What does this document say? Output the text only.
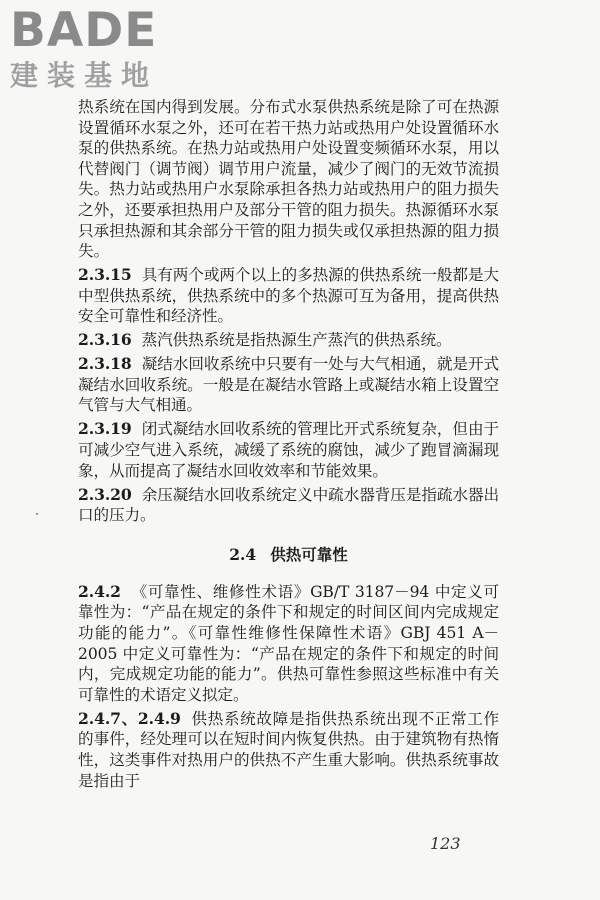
BADE
建装基地

热系统在国内得到发展。分布式水泵供热系统是除了可在热源设置循环水泵之外，还可在若干热力站或热用户处设置循环水泵的供热系统。在热力站或热用户处设置变频循环水泵，用以代替阀门（调节阀）调节用户流量，减少了阀门的无效节流损失。热力站或热用户水泵除承担各热力站或热用户的阻力损失之外，还要承担热用户及部分干管的阻力损失。热源循环水泵只承担热源和其余部分干管的阻力损失或仅承担热源的阻力损失。

2.3.15 具有两个或两个以上的多热源的供热系统一般都是大中型供热系统，供热系统中的多个热源可互为备用，提高供热安全可靠性和经济性。

2.3.16 蒸汽供热系统是指热源生产蒸汽的供热系统。

2.3.18 凝结水回收系统中只要有一处与大气相通，就是开式凝结水回收系统。一般是在凝结水管路上或凝结水箱上设置空气管与大气相通。

2.3.19 闭式凝结水回收系统的管理比开式系统复杂，但由于可减少空气进入系统，减缓了系统的腐蚀，减少了跑冒滴漏现象，从而提高了凝结水回收效率和节能效果。

2.3.20 余压凝结水回收系统定义中疏水器背压是指疏水器出口的压力。

2.4 供热可靠性

2.4.2 《可靠性、维修性术语》GB/T 3187－94 中定义可靠性为：“产品在规定的条件下和规定的时间区间内完成规定功能的能力”。《可靠性维修性保障性术语》GBJ 451 A－2005 中定义可靠性为：“产品在规定的条件下和规定的时间内，完成规定功能的能力”。供热可靠性参照这些标准中有关可靠性的术语定义拟定。

2.4.7、2.4.9 供热系统故障是指供热系统出现不正常工作的事件，经处理可以在短时间内恢复供热。由于建筑物有热惰性，这类事件对热用户的供热不产生重大影响。供热系统事故是指由于

123
